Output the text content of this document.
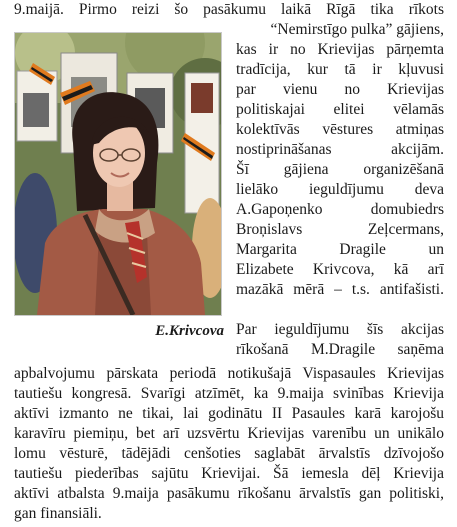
9.maijā. Pirmo reizi šo pasākumu laikā Rīgā tika rīkots
“Nemirstīgo pulka” gājiens,
kas ir no Krievijas pārņemta
tradīcija, kur tā ir kļuvusi
par vienu no Krievijas
politiskajai elitei vēlamās
kolektīvās vēstures atmiņas
nostiprināšanas akcijām.
Šī gājiena organizēšanā
lielāko ieguldījumu deva
A.Gapoņenko domubiedrs
Broņislavs Zeļcermans,
Margarita Dragile un
Elizabete Krivcova, kā arī
mazākā mērā – t.s. antifašisti.
Par ieguldījumu šīs akcijas
rīkošanā M.Dragile saņēma
E.Krivcova
apbalvojumu pārskata periodā notikušajā Vispasaules Krievijas
tautiešu kongresā. Svarīgi atzīmēt, ka 9.maija svinības Krievija
aktīvi izmanto ne tikai, lai godinātu II Pasaules karā karojošu
karavīru piemiņu, bet arī uzsvērtu Krievijas varenību un unikālo
lomu vēsturē, tādējādi cenšoties saglabāt ārvalstīs dzīvojošo
tautiešu piederības sajūtu Krievijai. Šā iemesla dēļ Krievija
aktīvi atbalsta 9.maija pasākumu rīkošanu ārvalstīs gan politiski,
gan finansiāli.
